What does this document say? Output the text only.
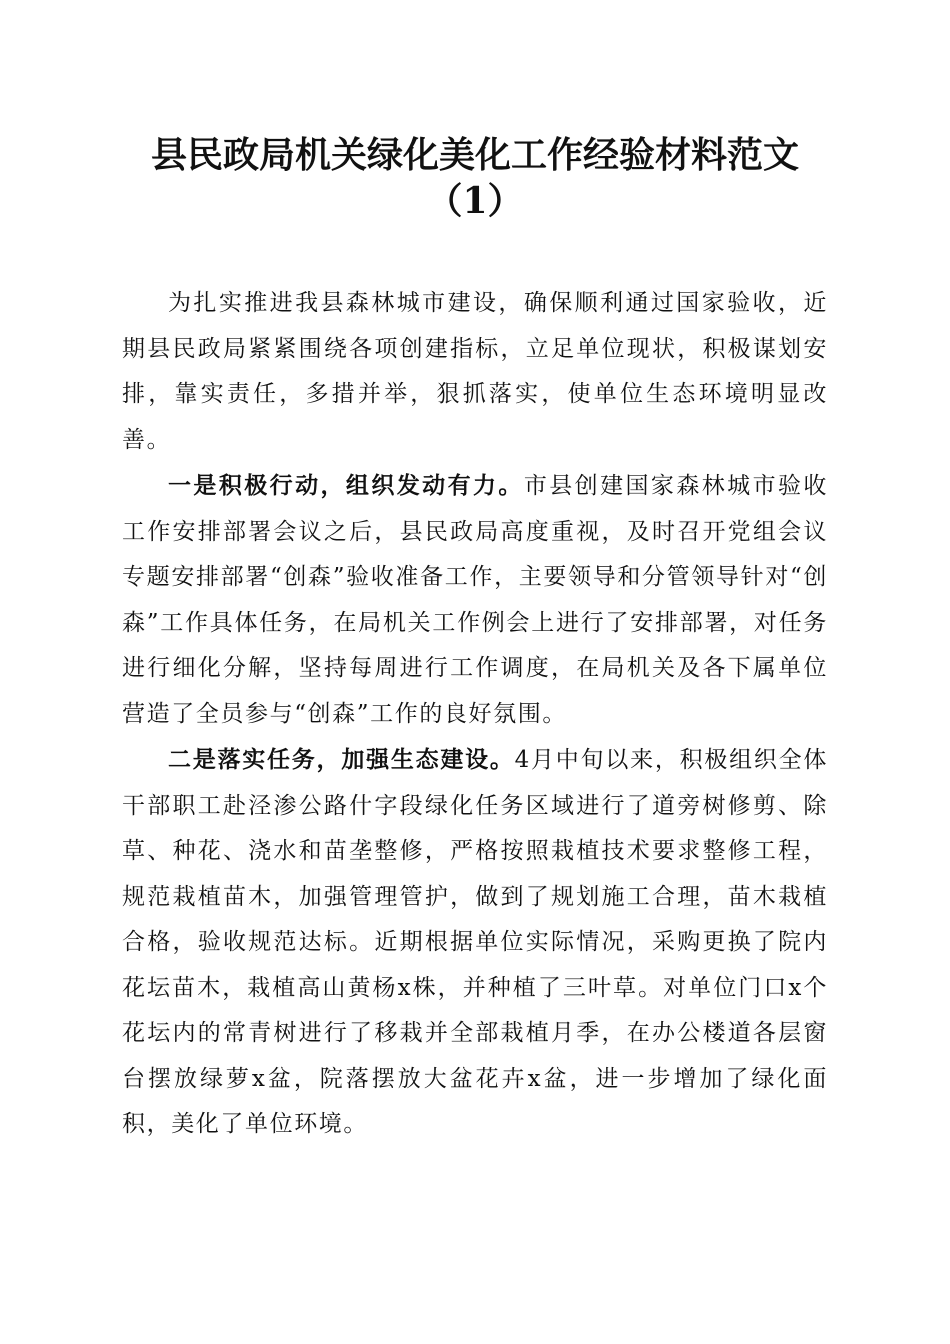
县民政局机关绿化美化工作经验材料范文
（1）

为扎实推进我县森林城市建设，确保顺利通过国家验收，近期县民政局紧紧围绕各项创建指标，立足单位现状，积极谋划安排，靠实责任，多措并举，狠抓落实，使单位生态环境明显改善。

一是积极行动，组织发动有力。市县创建国家森林城市验收工作安排部署会议之后，县民政局高度重视，及时召开党组会议专题安排部署“创森”验收准备工作，主要领导和分管领导针对“创森”工作具体任务，在局机关工作例会上进行了安排部署，对任务进行细化分解，坚持每周进行工作调度，在局机关及各下属单位营造了全员参与“创森”工作的良好氛围。

二是落实任务，加强生态建设。4月中旬以来，积极组织全体干部职工赴泾渗公路什字段绿化任务区域进行了道旁树修剪、除草、种花、浇水和苗垄整修，严格按照栽植技术要求整修工程，规范栽植苗木，加强管理管护，做到了规划施工合理，苗木栽植合格，验收规范达标。近期根据单位实际情况，采购更换了院内花坛苗木，栽植高山黄杨x株，并种植了三叶草。对单位门口x个花坛内的常青树进行了移栽并全部栽植月季，在办公楼道各层窗台摆放绿萝x盆，院落摆放大盆花卉x盆，进一步增加了绿化面积，美化了单位环境。
